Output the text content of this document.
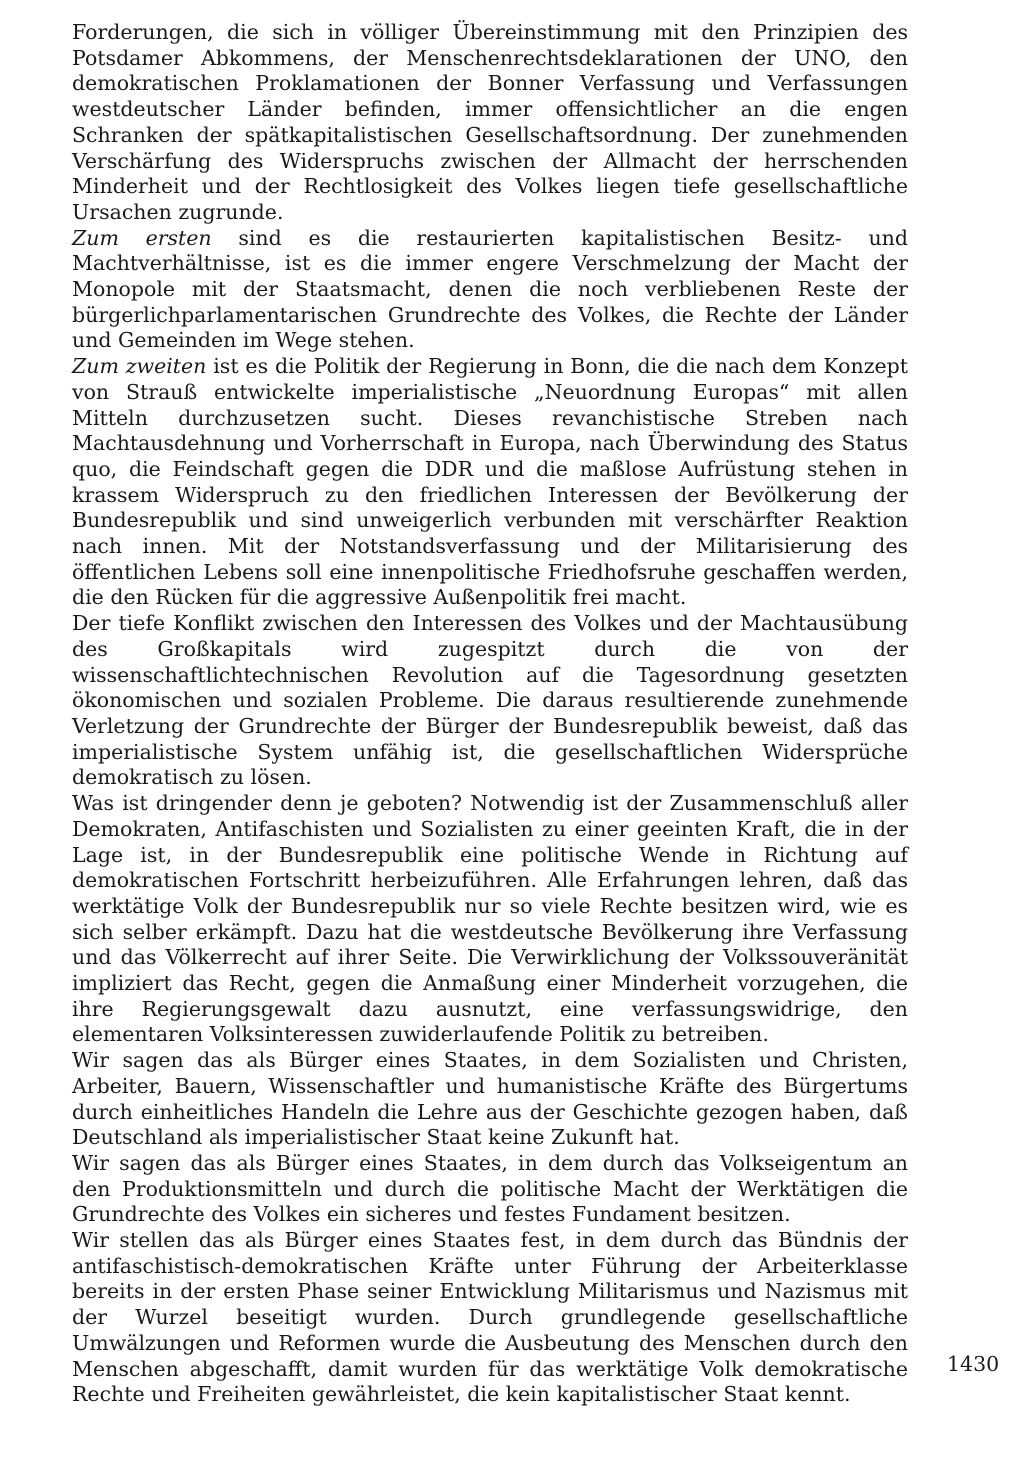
Forderungen, die sich in völliger Übereinstimmung mit den Prinzipien des Potsdamer Abkommens, der Menschenrechtsdeklarationen der UNO, den demokratischen Proklamationen der Bonner Verfassung und Verfassungen westdeutscher Länder befinden, immer offensichtlicher an die engen Schranken der spätkapitalistischen Gesellschaftsordnung. Der zunehmenden Verschärfung des Widerspruchs zwischen der Allmacht der herrschenden Minderheit und der Rechtlosigkeit des Volkes liegen tiefe gesellschaftliche Ursachen zugrunde.

Zum ersten sind es die restaurierten kapitalistischen Besitz- und Machtverhältnisse, ist es die immer engere Verschmelzung der Macht der Monopole mit der Staatsmacht, denen die noch verbliebenen Reste der bürgerlichparlamentarischen Grundrechte des Volkes, die Rechte der Länder und Gemeinden im Wege stehen.

Zum zweiten ist es die Politik der Regierung in Bonn, die die nach dem Konzept von Strauß entwickelte imperialistische „Neuordnung Europas“ mit allen Mitteln durchzusetzen sucht. Dieses revanchistische Streben nach Machtausdehnung und Vorherrschaft in Europa, nach Überwindung des Status quo, die Feindschaft gegen die DDR und die maßlose Aufrüstung stehen in krassem Widerspruch zu den friedlichen Interessen der Bevölkerung der Bundesrepublik und sind unweigerlich verbunden mit verschärfter Reaktion nach innen. Mit der Notstandsverfassung und der Militarisierung des öffentlichen Lebens soll eine innenpolitische Friedhofsruhe geschaffen werden, die den Rücken für die aggressive Außenpolitik frei macht.

Der tiefe Konflikt zwischen den Interessen des Volkes und der Machtausübung des Großkapitals wird zugespitzt durch die von der wissenschaftlichtechnischen Revolution auf die Tagesordnung gesetzten ökonomischen und sozialen Probleme. Die daraus resultierende zunehmende Verletzung der Grundrechte der Bürger der Bundesrepublik beweist, daß das imperialistische System unfähig ist, die gesellschaftlichen Widersprüche demokratisch zu lösen.

Was ist dringender denn je geboten? Notwendig ist der Zusammenschluß aller Demokraten, Antifaschisten und Sozialisten zu einer geeinten Kraft, die in der Lage ist, in der Bundesrepublik eine politische Wende in Richtung auf demokratischen Fortschritt herbeizuführen. Alle Erfahrungen lehren, daß das werktätige Volk der Bundesrepublik nur so viele Rechte besitzen wird, wie es sich selber erkämpft. Dazu hat die westdeutsche Bevölkerung ihre Verfassung und das Völkerrecht auf ihrer Seite. Die Verwirklichung der Volkssouveränität impliziert das Recht, gegen die Anmaßung einer Minderheit vorzugehen, die ihre Regierungsgewalt dazu ausnutzt, eine verfassungswidrige, den elementaren Volksinteressen zuwiderlaufende Politik zu betreiben.

Wir sagen das als Bürger eines Staates, in dem Sozialisten und Christen, Arbeiter, Bauern, Wissenschaftler und humanistische Kräfte des Bürgertums durch einheitliches Handeln die Lehre aus der Geschichte gezogen haben, daß Deutschland als imperialistischer Staat keine Zukunft hat.

Wir sagen das als Bürger eines Staates, in dem durch das Volkseigentum an den Produktionsmitteln und durch die politische Macht der Werktätigen die Grundrechte des Volkes ein sicheres und festes Fundament besitzen.

Wir stellen das als Bürger eines Staates fest, in dem durch das Bündnis der antifaschistisch-demokratischen Kräfte unter Führung der Arbeiterklasse bereits in der ersten Phase seiner Entwicklung Militarismus und Nazismus mit der Wurzel beseitigt wurden. Durch grundlegende gesellschaftliche Umwälzungen und Reformen wurde die Ausbeutung des Menschen durch den Menschen abgeschafft, damit wurden für das werktätige Volk demokratische Rechte und Freiheiten gewährleistet, die kein kapitalistischer Staat kennt.

1430
